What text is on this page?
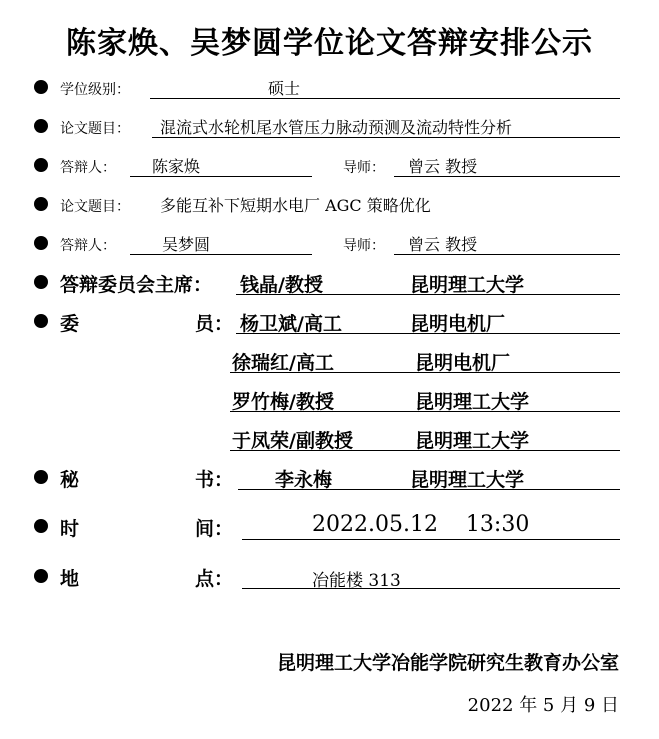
陈家焕、吴梦圆学位论文答辩安排公示
学位级别：	硕士
论文题目： 混流式水轮机尾水管压力脉动预测及流动特性分析
答辩人： 陈家焕	导师： 曾云 教授
论文题目： 多能互补下短期水电厂 AGC 策略优化
答辩人：	吴梦圆	导师： 曾云 教授
答辩委员会主席： 钱晶/教授	昆明理工大学
委	员： 杨卫斌/高工	昆明电机厂
徐瑞红/高工	昆明电机厂
罗竹梅/教授	昆明理工大学
于凤荣/副教授	昆明理工大学
秘	书： 李永梅	昆明理工大学
时	间：	2022.05.12    13:30
地	点：	冶能楼 313
昆明理工大学冶能学院研究生教育办公室
2022 年 5 月 9 日
